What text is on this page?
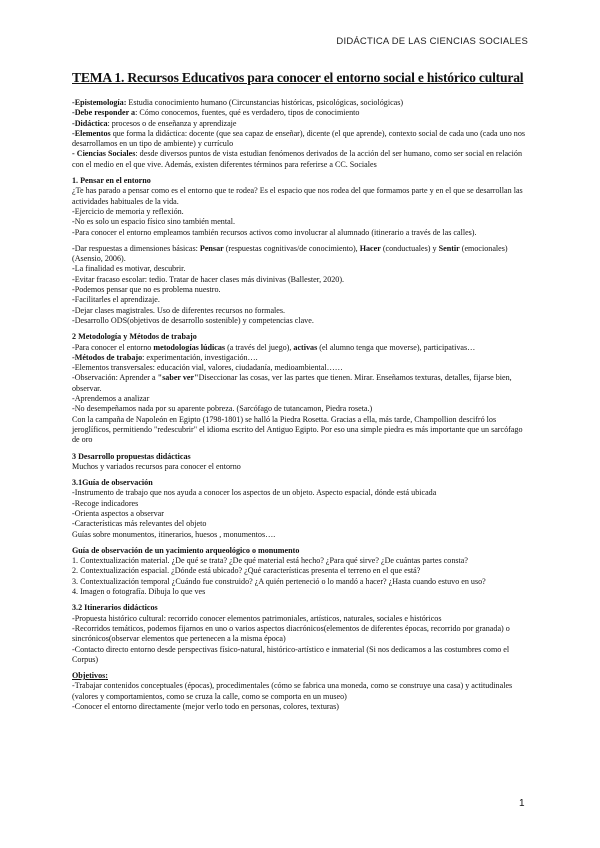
DIDÁCTICA DE LAS CIENCIAS SOCIALES
TEMA 1. Recursos Educativos para conocer el entorno social e histórico cultural

-Epistemología: Estudia conocimiento humano (Circunstancias históricas, psicológicas, sociológicas)

-Debe responder a: Cómo conocemos, fuentes, qué es verdadero, tipos de conocimiento

-Didáctica: procesos o de enseñanza y aprendizaje

-Elementos que forma la didáctica: docente (que sea capaz de enseñar), dicente (el que aprende), contexto social de cada uno (cada uno nos desarrollamos en un tipo de ambiente) y currículo

- Ciencias Sociales: desde diversos puntos de vista estudian fenómenos derivados de la acción del ser humano, como ser social en relación con el medio en el que vive. Además, existen diferentes términos para referirse a CC. Sociales

1. Pensar en el entorno

¿Te has parado a pensar como es el entorno que te rodea? Es el espacio que nos rodea del que formamos parte y en el que se desarrollan las actividades habituales de la vida.

-Ejercicio de memoria y reflexión.

-No es solo un espacio físico sino también mental.

-Para conocer el entorno empleamos también recursos activos como involucrar al alumnado (itinerario a través de las calles).

-Dar respuestas a dimensiones básicas: Pensar (respuestas cognitivas/de conocimiento), Hacer (conductuales) y Sentir (emocionales) (Asensio, 2006).

-La finalidad es motivar, descubrir.

-Evitar fracaso escolar: tedio. Tratar de hacer clases más divinivas (Ballester, 2020).

-Podemos pensar que no es problema nuestro.

-Facilitarles el aprendizaje.

-Dejar clases magistrales. Uso de diferentes recursos no formales.

-Desarrollo ODS(objetivos de desarrollo sostenible) y competencias clave.

2 Metodología y Métodos de trabajo

-Para conocer el entorno metodologías lúdicas (a través del juego), activas (el alumno tenga que moverse), participativas…

-Métodos de trabajo: experimentación, investigación….

-Elementos transversales: educación vial, valores, ciudadanía, medioambiental……

-Observación: Aprender a "saber ver"Diseccionar las cosas, ver las partes que tienen. Mirar. Enseñamos texturas, detalles, fijarse bien, observar.

-Aprendemos a analizar

-No desempeñamos nada por su aparente pobreza. (Sarcófago de tutancamon, Piedra roseta.)

Con la campaña de Napoleón en Egipto (1798-1801) se halló la Piedra Rosetta. Gracias a ella, más tarde, Champollion descifró los jeroglíficos, permitiendo "redescubrir" el idioma escrito del Antiguo Egipto. Por eso una simple piedra es más importante que un sarcófago de oro

3 Desarrollo propuestas didácticas

Muchos y variados recursos para conocer el entorno

3.1Guía de observación

-Instrumento de trabajo que nos ayuda a conocer los aspectos de un objeto. Aspecto espacial, dónde está ubicada

-Recoge indicadores

-Orienta aspectos a observar

-Características más relevantes del objeto

Guías sobre monumentos, itinerarios, huesos , monumentos….

Guía de observación de un yacimiento arqueológico o monumento

1. Contextualización material. ¿De qué se trata? ¿De qué material está hecho? ¿Para qué sirve? ¿De cuántas partes consta?

2. Contextualización espacial. ¿Dónde está ubicado? ¿Qué características presenta el terreno en el que está?

3. Contextualización temporal ¿Cuándo fue construido? ¿A quién perteneció o lo mandó a hacer? ¿Hasta cuando estuvo en uso?

4. Imagen o fotografía. Dibuja lo que ves

3.2 Itinerarios didácticos

-Propuesta histórico cultural: recorrido conocer elementos patrimoniales, artísticos, naturales, sociales e históricos

-Recorridos temáticos, podemos fijarnos en uno o varios aspectos diacrónicos(elementos de diferentes épocas, recorrido por granada) o sincrónicos(observar elementos que pertenecen a la misma época)

-Contacto directo entorno desde perspectivas físico-natural, histórico-artístico e inmaterial (Si nos dedicamos a las costumbres como el Corpus)

Objetivos:

-Trabajar contenidos conceptuales (épocas), procedimentales (cómo se fabrica una moneda, como se construye una casa) y actitudinales (valores y comportamientos, como se cruza la calle, como se comporta en un museo)

-Conocer el entorno directamente (mejor verlo todo en personas, colores, texturas)

1
